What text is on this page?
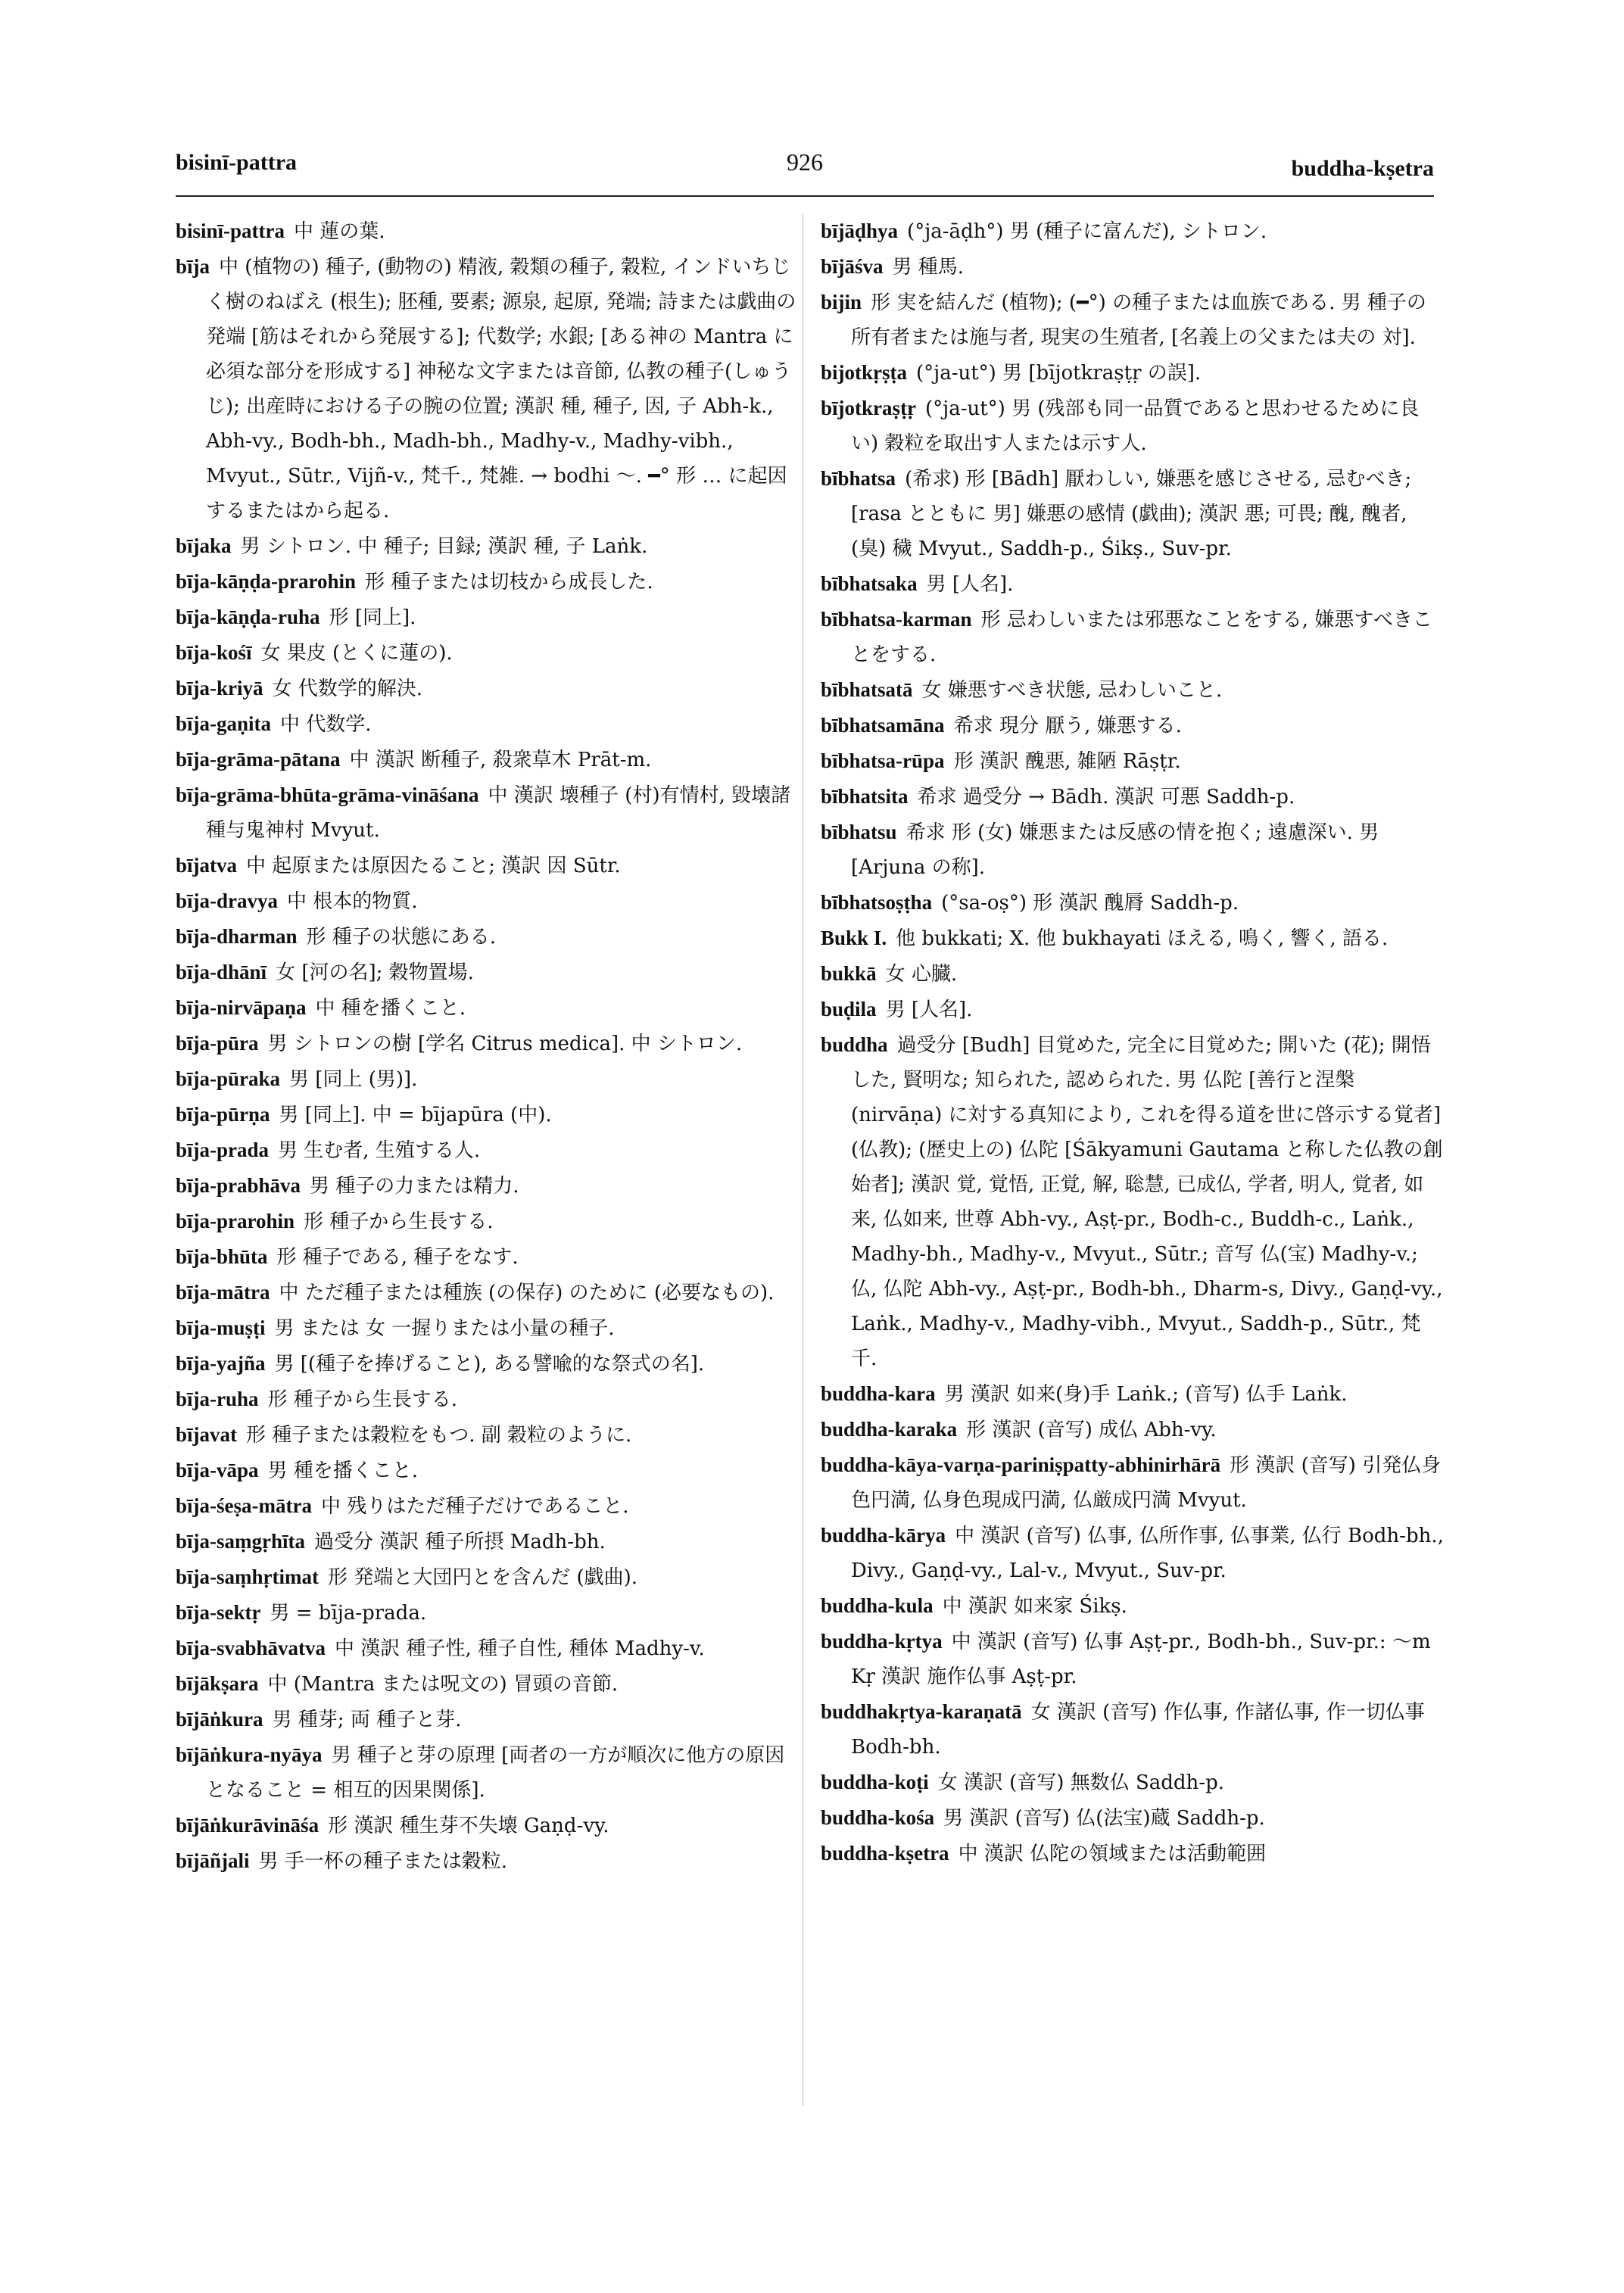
bisinī-pattra	926	buddha-kṣetra

bisinī-pattra 中 蓮の葉.

bīja 中 (植物の) 種子, (動物の) 精液, 穀類の種子, 穀粒, インドいちじく樹のねばえ (根生); 胚種, 要素; 源泉, 起原, 発端; 詩または戯曲の発端 [筋はそれから発展する]; 代数学; 水銀; [ある神の Mantra に必須な部分を形成する] 神秘な文字または音節, 仏教の種子(しゅうじ); 出産時における子の腕の位置; 漢訳 種, 種子, 因, 子 Abh-k., Abh-vy., Bodh-bh., Madh-bh., Madhy-v., Madhy-vibh., Mvyut., Sūtr., Vijñ-v., 梵千., 梵雑. → bodhi ～. ━° 形 … に起因するまたはから起る.

bījaka 男 シトロン. 中 種子; 目録; 漢訳 種, 子 Laṅk.

bīja-kāṇḍa-prarohin 形 種子または切枝から成長した.

bīja-kāṇḍa-ruha 形 [同上].

bīja-kośī 女 果皮 (とくに蓮の).

bīja-kriyā 女 代数学的解決.

bīja-gaṇita 中 代数学.

bīja-grāma-pātana 中 漢訳 断種子, 殺衆草木 Prāt-m.

bīja-grāma-bhūta-grāma-vināśana 中 漢訳 壊種子 (村)有情村, 毀壊諸種与鬼神村 Mvyut.

bījatva 中 起原または原因たること; 漢訳 因 Sūtr.

bīja-dravya 中 根本的物質.

bīja-dharman 形 種子の状態にある.

bīja-dhānī 女 [河の名]; 穀物置場.

bīja-nirvāpaṇa 中 種を播くこと.

bīja-pūra 男 シトロンの樹 [学名 Citrus medica]. 中 シトロン.

bīja-pūraka 男 [同上 (男)].

bīja-pūrṇa 男 [同上]. 中 = bījapūra (中).

bīja-prada 男 生む者, 生殖する人.

bīja-prabhāva 男 種子の力または精力.

bīja-prarohin 形 種子から生長する.

bīja-bhūta 形 種子である, 種子をなす.

bīja-mātra 中 ただ種子または種族 (の保存) のために (必要なもの).

bīja-muṣṭi 男 または 女 一握りまたは小量の種子.

bīja-yajña 男 [(種子を捧げること), ある譬喩的な祭式の名].

bīja-ruha 形 種子から生長する.

bījavat 形 種子または穀粒をもつ. 副 穀粒のように.

bīja-vāpa 男 種を播くこと.

bīja-śeṣa-mātra 中 残りはただ種子だけであること.

bīja-saṃgṛhīta 過受分 漢訳 種子所摂 Madh-bh.

bīja-saṃhṛtimat 形 発端と大団円とを含んだ (戯曲).

bīja-sektṛ 男 = bīja-prada.

bīja-svabhāvatva 中 漢訳 種子性, 種子自性, 種体 Madhy-v.

bījākṣara 中 (Mantra または呪文の) 冒頭の音節.

bījāṅkura 男 種芽; 両 種子と芽.

bījāṅkura-nyāya 男 種子と芽の原理 [両者の一方が順次に他方の原因となること = 相互的因果関係].

bījāṅkurāvināśa 形 漢訳 種生芽不失壊 Gaṇḍ-vy.

bījāñjali 男 手一杯の種子または穀粒.

bījāḍhya (°ja-āḍh°) 男 (種子に富んだ), シトロン.

bījāśva 男 種馬.

bijin 形 実を結んだ (植物); (━°) の種子または血族である. 男 種子の所有者または施与者, 現実の生殖者, [名義上の父または夫の 対].

bijotkṛṣṭa (°ja-ut°) 男 [bījotkraṣṭṛ の誤].

bījotkraṣṭṛ (°ja-ut°) 男 (残部も同一品質であると思わせるために良い) 穀粒を取出す人または示す人.

bībhatsa (希求) 形 [Bādh] 厭わしい, 嫌悪を感じさせる, 忌むべき; [rasa とともに 男] 嫌悪の感情 (戯曲); 漢訳 悪; 可畏; 醜, 醜者, (臭) 穢 Mvyut., Saddh-p., Śikṣ., Suv-pr.

bībhatsaka 男 [人名].

bībhatsa-karman 形 忌わしいまたは邪悪なことをする, 嫌悪すべきことをする.

bībhatsatā 女 嫌悪すべき状態, 忌わしいこと.

bībhatsamāna 希求 現分 厭う, 嫌悪する.

bībhatsa-rūpa 形 漢訳 醜悪, 雑陋 Rāṣṭr.

bībhatsita 希求 過受分 → Bādh. 漢訳 可悪 Saddh-p.

bībhatsu 希求 形 (女) 嫌悪または反感の情を抱く; 遠慮深い. 男 [Arjuna の称].

bībhatsoṣṭha (°sa-oṣ°) 形 漢訳 醜脣 Saddh-p.

Bukk I. 他 bukkati; X. 他 bukhayati ほえる, 鳴く, 響く, 語る.

bukkā 女 心臓.

buḍila 男 [人名].

buddha 過受分 [Budh] 目覚めた, 完全に目覚めた; 開いた (花); 開悟した, 賢明な; 知られた, 認められた. 男 仏陀 [善行と涅槃 (nirvāṇa) に対する真知により, これを得る道を世に啓示する覚者] (仏教); (歴史上の) 仏陀 [Śākyamuni Gautama と称した仏教の創始者]; 漢訳 覚, 覚悟, 正覚, 解, 聡慧, 已成仏, 学者, 明人, 覚者, 如来, 仏如来, 世尊 Abh-vy., Aṣṭ-pr., Bodh-c., Buddh-c., Laṅk., Madhy-bh., Madhy-v., Mvyut., Sūtr.; 音写 仏(宝) Madhy-v.; 仏, 仏陀 Abh-vy., Aṣṭ-pr., Bodh-bh., Dharm-s, Divy., Gaṇḍ-vy., Laṅk., Madhy-v., Madhy-vibh., Mvyut., Saddh-p., Sūtr., 梵千.

buddha-kara 男 漢訳 如来(身)手 Laṅk.; (音写) 仏手 Laṅk.

buddha-karaka 形 漢訳 (音写) 成仏 Abh-vy.

buddha-kāya-varṇa-pariniṣpatty-abhinirhārā 形 漢訳 (音写) 引発仏身色円満, 仏身色現成円満, 仏厳成円満 Mvyut.

buddha-kārya 中 漢訳 (音写) 仏事, 仏所作事, 仏事業, 仏行 Bodh-bh., Divy., Gaṇḍ-vy., Lal-v., Mvyut., Suv-pr.

buddha-kula 中 漢訳 如来家 Śikṣ.

buddha-kṛtya 中 漢訳 (音写) 仏事 Aṣṭ-pr., Bodh-bh., Suv-pr.: ～m Kṛ 漢訳 施作仏事 Aṣṭ-pr.

buddhakṛtya-karaṇatā 女 漢訳 (音写) 作仏事, 作諸仏事, 作一切仏事 Bodh-bh.

buddha-koṭi 女 漢訳 (音写) 無数仏 Saddh-p.

buddha-kośa 男 漢訳 (音写) 仏(法宝)蔵 Saddh-p.

buddha-kṣetra 中 漢訳 仏陀の領域または活動範囲
